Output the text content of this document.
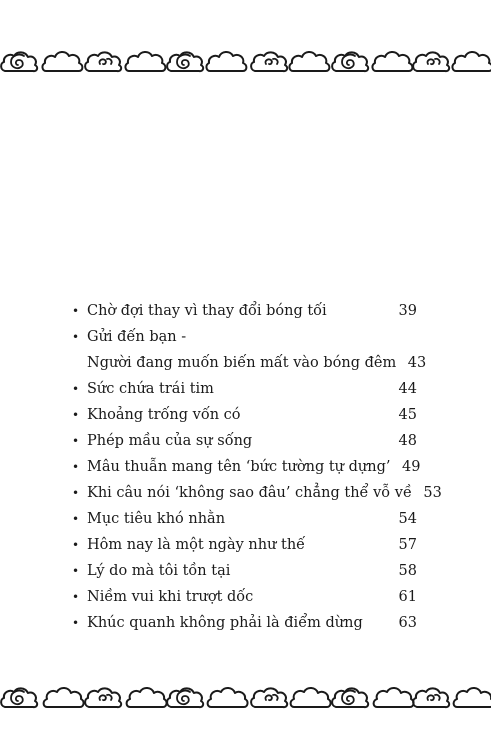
• Chờ đợi thay vì thay đổi bóng tối	39
• Gửi đến bạn -
Người đang muốn biến mất vào bóng đêm 43
• Sức chứa trái tim	44
• Khoảng trống vốn có	45
• Phép mầu của sự sống	48
• Mâu thuẫn mang tên ‘bức tường tự dựng’ 49
• Khi câu nói ‘không sao đâu’ chẳng thể vỗ về 53
• Mục tiêu khó nhằn	54
• Hôm nay là một ngày như thế	57
• Lý do mà tôi tồn tại	58
• Niềm vui khi trượt dốc	61
• Khúc quanh không phải là điểm dừng	63
